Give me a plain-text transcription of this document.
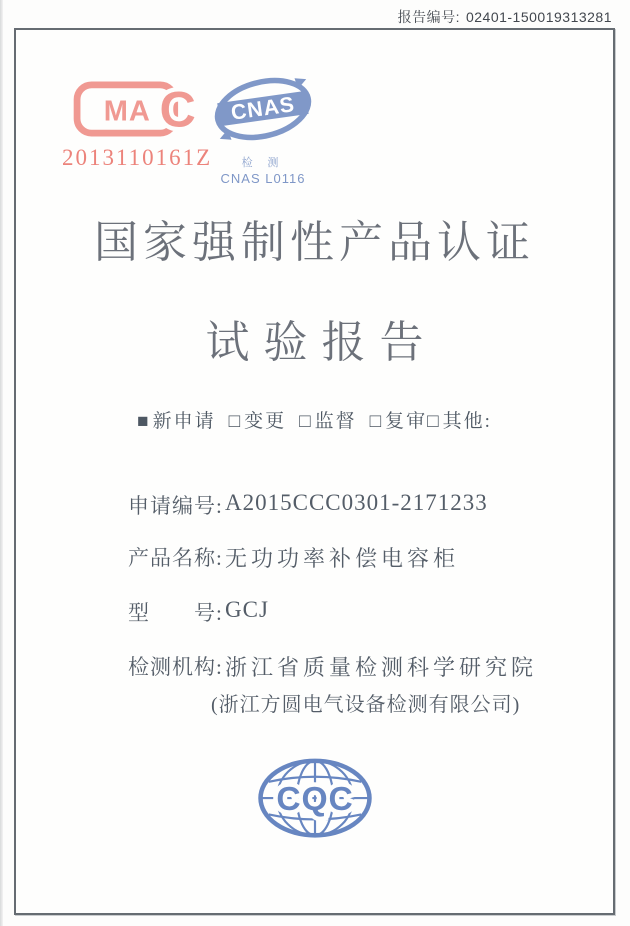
报告编号: 02401-150019313281
MA C
2013110161Z
CNAS
检 测
CNAS L0116
国家强制性产品认证
试验报告
■ 新申请 □ 变更 □ 监督 □ 复审□ 其他:
申请编号: A2015CCC0301-2171233
产品名称: 无功功率补偿电容柜
型　　号: GCJ
检测机构: 浙江省质量检测科学研究院
(浙江方圆电气设备检测有限公司)
CQC
